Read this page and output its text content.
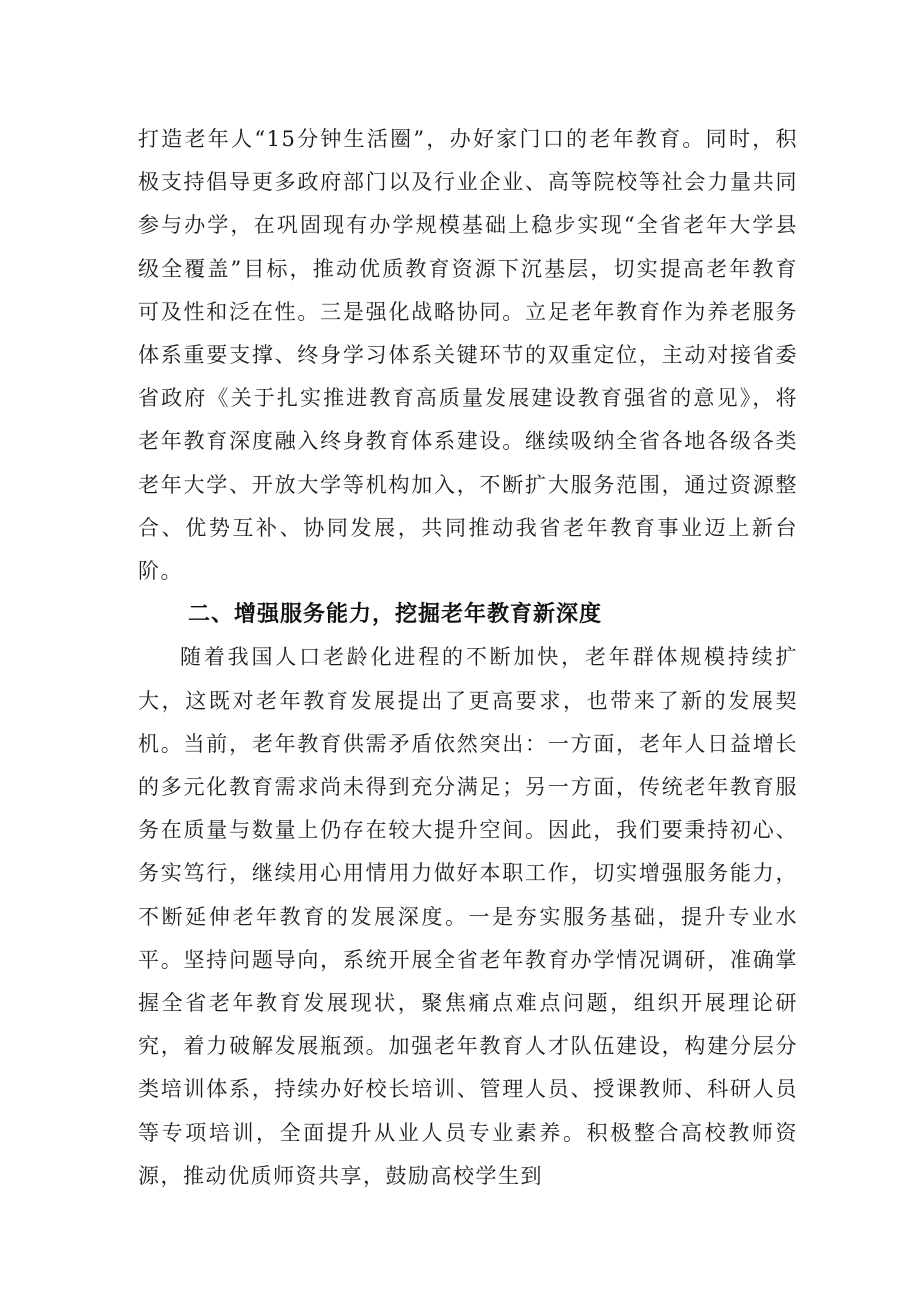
打造老年人“15分钟生活圈”，办好家门口的老年教育。同时，积极支持倡导更多政府部门以及行业企业、高等院校等社会力量共同参与办学，在巩固现有办学规模基础上稳步实现“全省老年大学县级全覆盖”目标，推动优质教育资源下沉基层，切实提高老年教育可及性和泛在性。三是强化战略协同。立足老年教育作为养老服务体系重要支撑、终身学习体系关键环节的双重定位，主动对接省委省政府《关于扎实推进教育高质量发展建设教育强省的意见》，将老年教育深度融入终身教育体系建设。继续吸纳全省各地各级各类老年大学、开放大学等机构加入，不断扩大服务范围，通过资源整合、优势互补、协同发展，共同推动我省老年教育事业迈上新台阶。

二、增强服务能力，挖掘老年教育新深度

随着我国人口老龄化进程的不断加快，老年群体规模持续扩大，这既对老年教育发展提出了更高要求，也带来了新的发展契机。当前，老年教育供需矛盾依然突出：一方面，老年人日益增长的多元化教育需求尚未得到充分满足；另一方面，传统老年教育服务在质量与数量上仍存在较大提升空间。因此，我们要秉持初心、务实笃行，继续用心用情用力做好本职工作，切实增强服务能力，不断延伸老年教育的发展深度。一是夯实服务基础，提升专业水平。坚持问题导向，系统开展全省老年教育办学情况调研，准确掌握全省老年教育发展现状，聚焦痛点难点问题，组织开展理论研究，着力破解发展瓶颈。加强老年教育人才队伍建设，构建分层分类培训体系，持续办好校长培训、管理人员、授课教师、科研人员等专项培训，全面提升从业人员专业素养。积极整合高校教师资源，推动优质师资共享，鼓励高校学生到
